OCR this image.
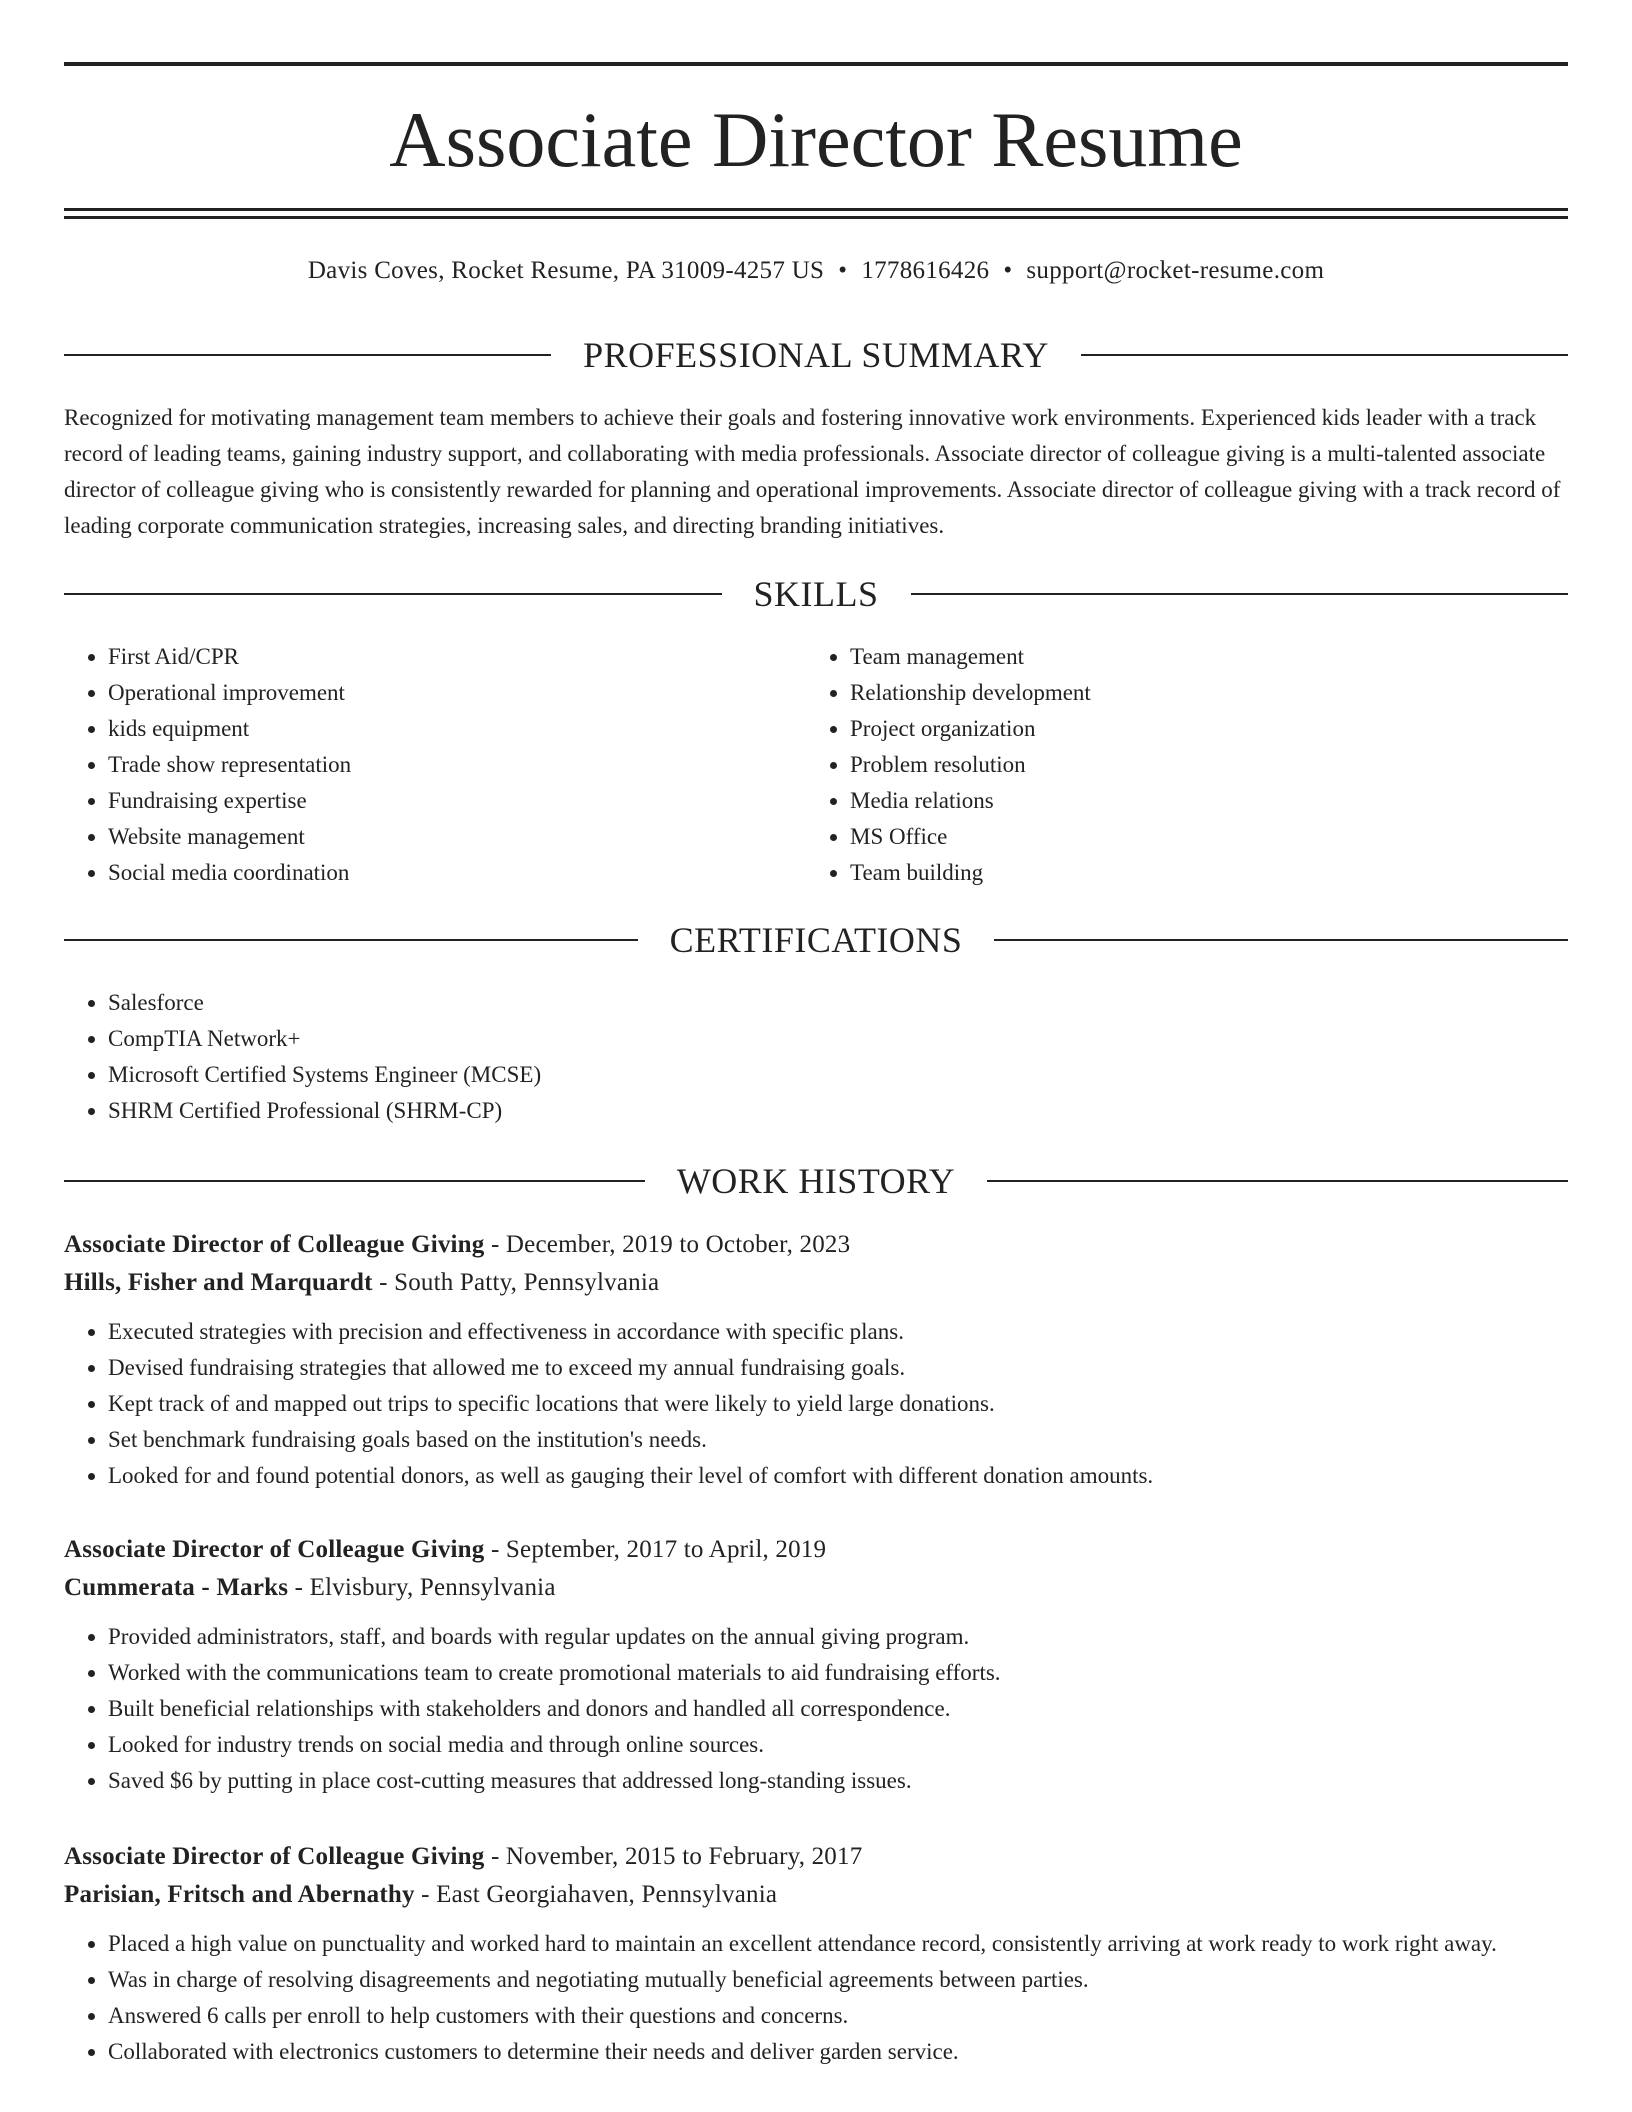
Associate Director Resume
Davis Coves, Rocket Resume, PA 31009-4257 US • 1778616426 • support@rocket-resume.com
PROFESSIONAL SUMMARY

Recognized for motivating management team members to achieve their goals and fostering innovative work environments. Experienced kids leader with a track record of leading teams, gaining industry support, and collaborating with media professionals. Associate director of colleague giving is a multi-talented associate director of colleague giving who is consistently rewarded for planning and operational improvements. Associate director of colleague giving with a track record of leading corporate communication strategies, increasing sales, and directing branding initiatives.

SKILLS
• First Aid/CPR
• Operational improvement
• kids equipment
• Trade show representation
• Fundraising expertise
• Website management
• Social media coordination
• Team management
• Relationship development
• Project organization
• Problem resolution
• Media relations
• MS Office
• Team building
CERTIFICATIONS
• Salesforce
• CompTIA Network+
• Microsoft Certified Systems Engineer (MCSE)
• SHRM Certified Professional (SHRM-CP)
WORK HISTORY
Associate Director of Colleague Giving - December, 2019 to October, 2023
Hills, Fisher and Marquardt - South Patty, Pennsylvania
• Executed strategies with precision and effectiveness in accordance with specific plans.
• Devised fundraising strategies that allowed me to exceed my annual fundraising goals.
• Kept track of and mapped out trips to specific locations that were likely to yield large donations.
• Set benchmark fundraising goals based on the institution's needs.
• Looked for and found potential donors, as well as gauging their level of comfort with different donation amounts.
Associate Director of Colleague Giving - September, 2017 to April, 2019
Cummerata - Marks - Elvisbury, Pennsylvania
• Provided administrators, staff, and boards with regular updates on the annual giving program.
• Worked with the communications team to create promotional materials to aid fundraising efforts.
• Built beneficial relationships with stakeholders and donors and handled all correspondence.
• Looked for industry trends on social media and through online sources.
• Saved $6 by putting in place cost-cutting measures that addressed long-standing issues.
Associate Director of Colleague Giving - November, 2015 to February, 2017
Parisian, Fritsch and Abernathy - East Georgiahaven, Pennsylvania
• Placed a high value on punctuality and worked hard to maintain an excellent attendance record, consistently arriving at work ready to work right away.
• Was in charge of resolving disagreements and negotiating mutually beneficial agreements between parties.
• Answered 6 calls per enroll to help customers with their questions and concerns.
• Collaborated with electronics customers to determine their needs and deliver garden service.
